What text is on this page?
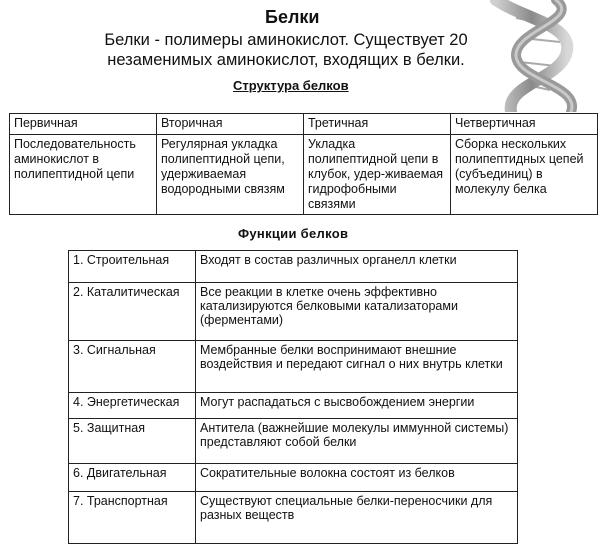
Белки
Белки - полимеры аминокислот. Существует 20 незаменимых аминокислот, входящих в белки.
Структура белков
Первичная	Вторичная	Третичная	Четвертичная
Последовательность аминокислот в полипептидной цепи	Регулярная укладка полипептидной цепи, удерживаемая водородными связям	Укладка полипептидной цепи в клубок, удер-живаемая гидрофобными связями	Сборка нескольких полипептидных цепей (субъединиц) в молекулу белка
Функции белков
1. Строительная	Входят в состав различных органелл клетки
2. Каталитическая	Все реакции в клетке очень эффективно катализируются белковыми катализаторами (ферментами)
3. Сигнальная	Мембранные белки воспринимают внешние воздействия и передают сигнал о них внутрь клетки
4. Энергетическая	Могут распадаться с высвобождением энергии
5. Защитная	Антитела (важнейшие молекулы иммунной системы) представляют собой белки
6. Двигательная	Сократительные волокна состоят из белков
7. Транспортная	Существуют специальные белки-переносчики для разных веществ
